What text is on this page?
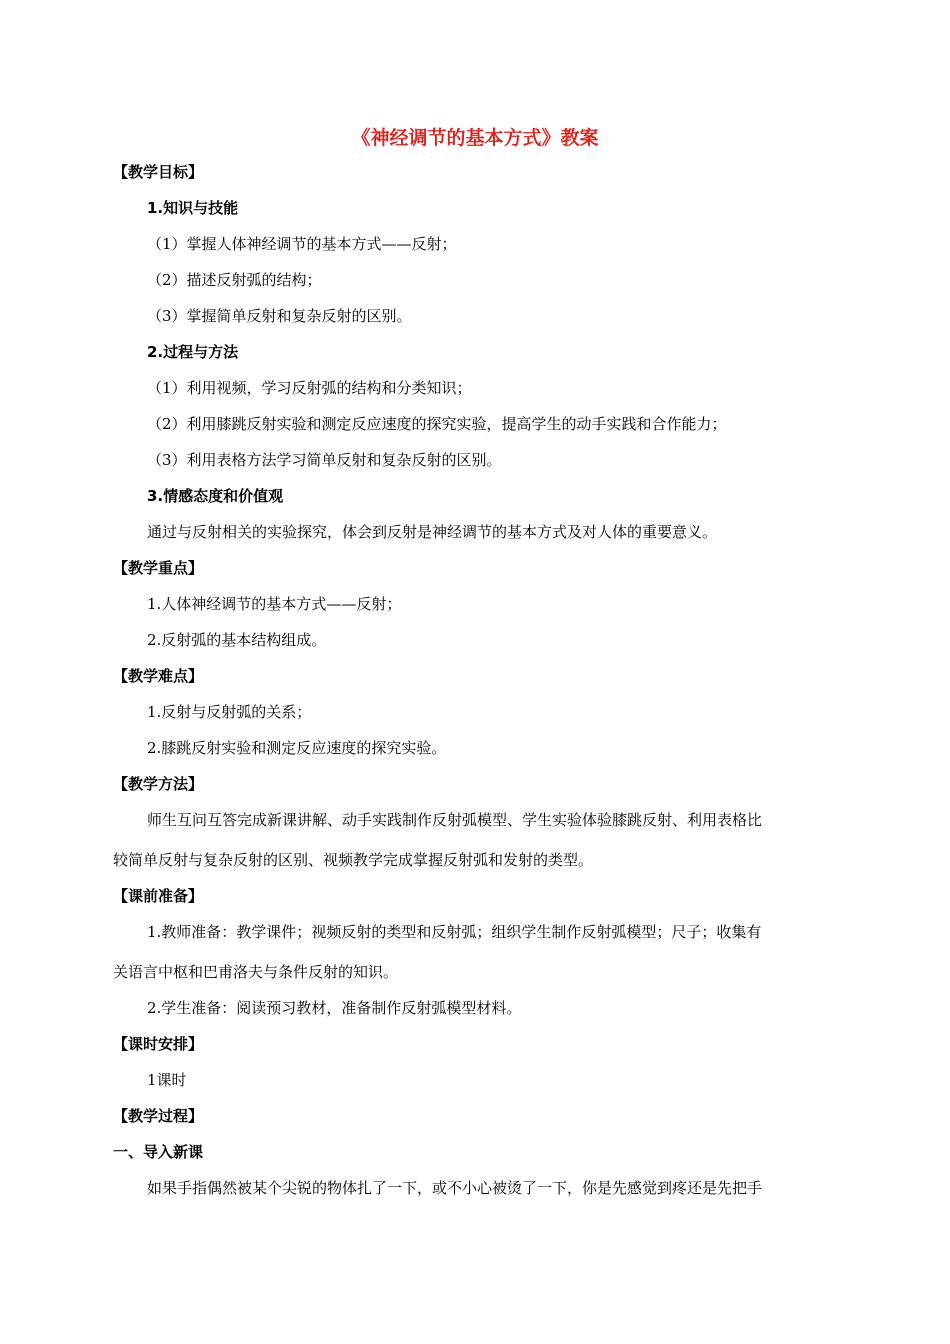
《神经调节的基本方式》教案
【教学目标】
1.知识与技能
（1）掌握人体神经调节的基本方式——反射；
（2）描述反射弧的结构；
（3）掌握简单反射和复杂反射的区别。
2.过程与方法
（1）利用视频，学习反射弧的结构和分类知识；
（2）利用膝跳反射实验和测定反应速度的探究实验，提高学生的动手实践和合作能力；
（3）利用表格方法学习简单反射和复杂反射的区别。
3.情感态度和价值观
通过与反射相关的实验探究，体会到反射是神经调节的基本方式及对人体的重要意义。
【教学重点】
1.人体神经调节的基本方式——反射；
2.反射弧的基本结构组成。
【教学难点】
1.反射与反射弧的关系；
2.膝跳反射实验和测定反应速度的探究实验。
【教学方法】
师生互问互答完成新课讲解、动手实践制作反射弧模型、学生实验体验膝跳反射、利用表格比
较简单反射与复杂反射的区别、视频教学完成掌握反射弧和发射的类型。
【课前准备】
1.教师准备：教学课件；视频反射的类型和反射弧；组织学生制作反射弧模型；尺子；收集有
关语言中枢和巴甫洛夫与条件反射的知识。
2.学生准备：阅读预习教材，准备制作反射弧模型材料。
【课时安排】
1课时
【教学过程】
一、导入新课
如果手指偶然被某个尖锐的物体扎了一下，或不小心被烫了一下，你是先感觉到疼还是先把手
